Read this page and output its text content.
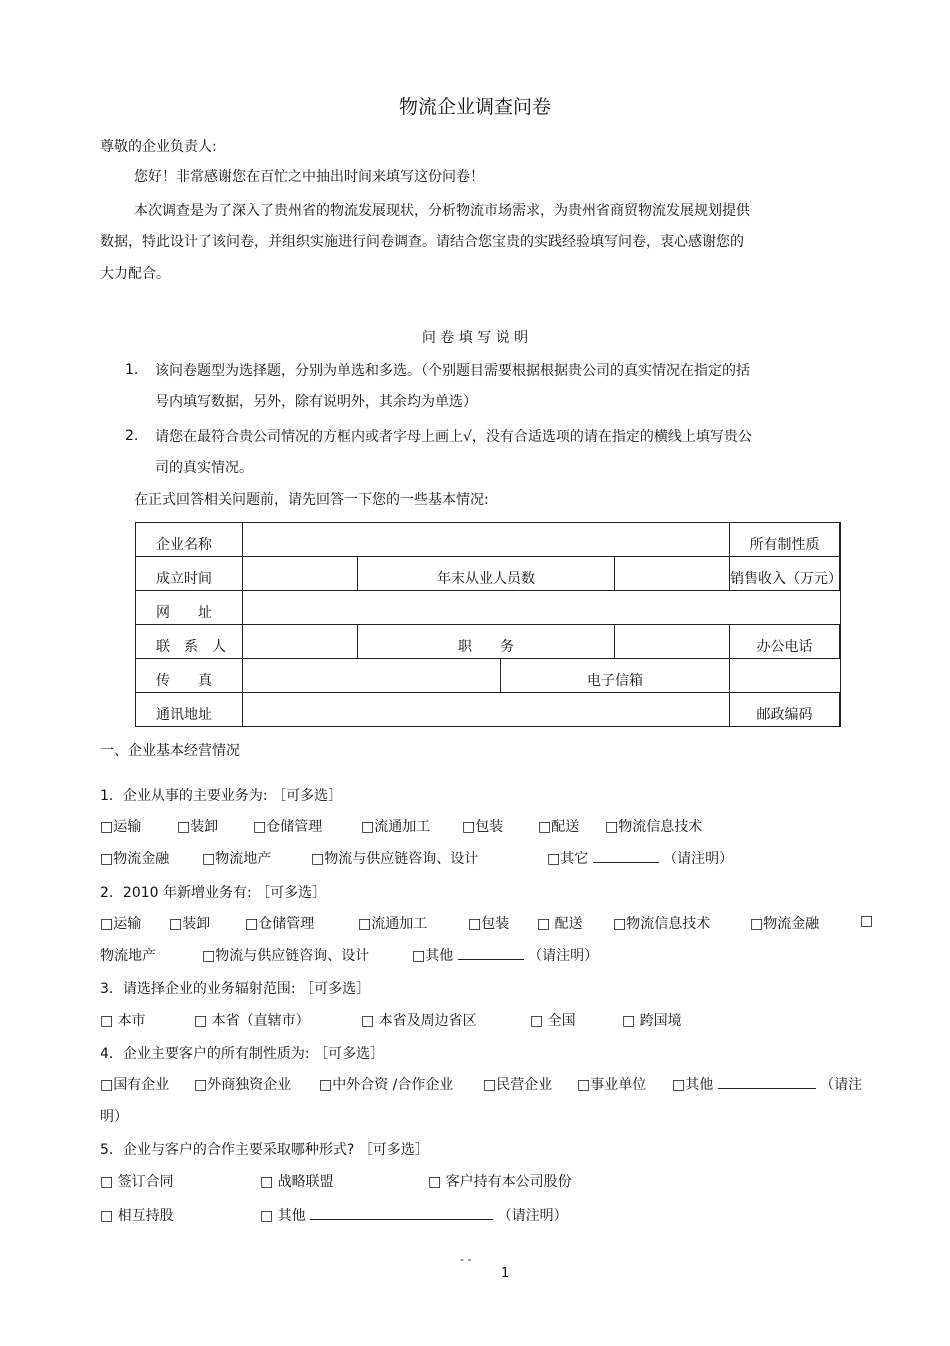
物流企业调查问卷
尊敬的企业负责人:
您好！非常感谢您在百忙之中抽出时间来填写这份问卷！
本次调查是为了深入了贵州省的物流发展现状，分析物流市场需求，为贵州省商贸物流发展规划提供
数据，特此设计了该问卷，并组织实施进行问卷调查。请结合您宝贵的实践经验填写问卷，衷心感谢您的
大力配合。
问 卷 填 写 说 明
1. 该问卷题型为选择题，分别为单选和多选。（个别题目需要根据根据贵公司的真实情况在指定的括
号内填写数据，另外，除有说明外，其余均为单选）
2. 请您在最符合贵公司情况的方框内或者字母上画上√，没有合适选项的请在指定的横线上填写贵公
司的真实情况。
在正式回答相关问题前，请先回答一下您的一些基本情况:
企业名称					所有制性质	

成立时间		年末从业人员数			销售收入（万元）	

网　　址						

联　系　人		职　　务			办公电话	

传　　真			电子信箱			

通讯地址					邮政编码	

一、企业基本经营情况
1．企业从事的主要业务为: ［可多选］
□运输	□装卸 □仓储管理	□流通加工 □包装 □配送 □物流信息技术
□物流金融 □物流地产	□物流与供应链咨询、设计	□其它	（请注明）
2．2010 年新增业务有: ［可多选］
□运输 □装卸 □仓储管理	□流通加工	□包装 □ 配送 □物流信息技术	□物流金融	□
物流地产	□物流与供应链咨询、设计	□其他	（请注明）
3．请选择企业的业务辐射范围: ［可多选］
□ 本市	□ 本省（直辖市）	□ 本省及周边省区	□ 全国	□ 跨国境
4．企业主要客户的所有制性质为: ［可多选］
□国有企业 □外商独资企业 □中外合资 /合作企业 □民营企业 □事业单位 □其他	（请注
明）
5．企业与客户的合作主要采取哪种形式? ［可多选］
□ 签订合同	□ 战略联盟	□ 客户持有本公司股份
□ 相互持股	□ 其他	（请注明）
- -
1
